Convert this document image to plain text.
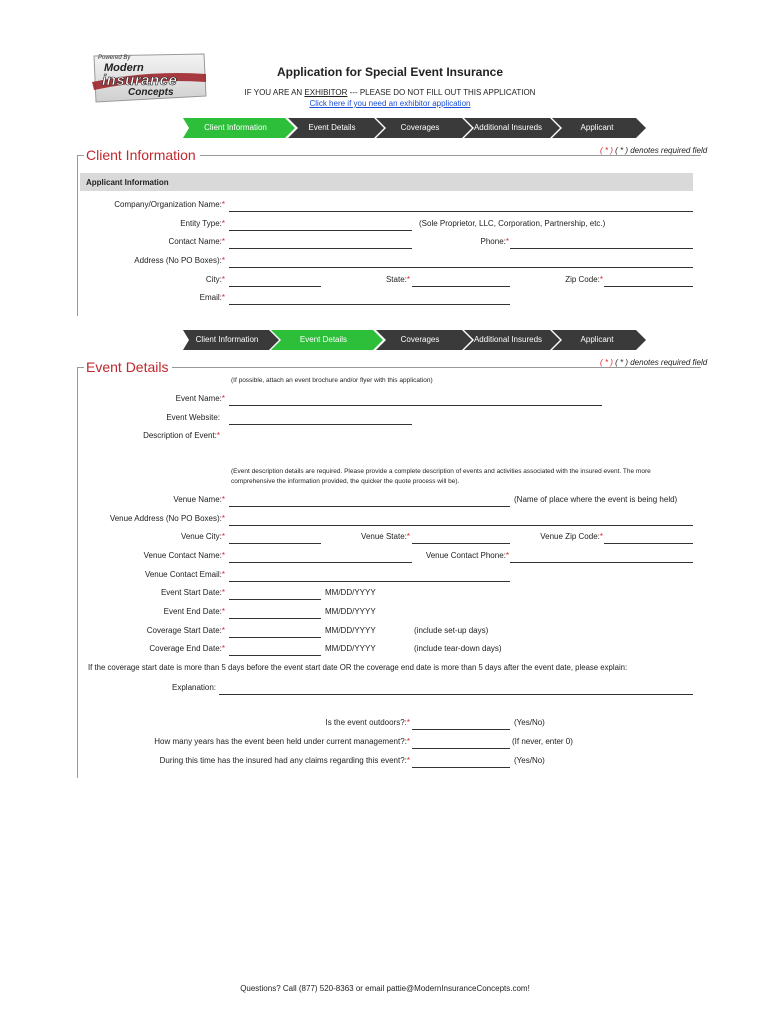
Powered By
Modern
insurance
Concepts
Application for Special Event Insurance
IF YOU ARE AN EXHIBITOR --- PLEASE DO NOT FILL OUT THIS APPLICATION
Click here if you need an exhibitor application
Client Information	Event Details	Coverages	Additional Insureds	Applicant
Client Information	( * ) ( * ) denotes required field
Applicant Information
Company/Organization Name:*
Entity Type:*	(Sole Proprietor, LLC, Corporation, Partnership, etc.)
Contact Name:*	Phone:*
Address (No PO Boxes):*
City:*	State:*	Zip Code:*
Email:*
Client Information	Event Details	Coverages	Additional Insureds	Applicant
Event Details	( * ) ( * ) denotes required field
(If possible, attach an event brochure and/or flyer with this application)
Event Name:*
Event Website:
Description of Event:*
(Event description details are required. Please provide a complete description of events and activities associated with the insured event. The more
comprehensive the information provided, the quicker the quote process will be).
Venue Name:*	(Name of place where the event is being held)
Venue Address (No PO Boxes):*
Venue City:*	Venue State:*	Venue Zip Code:*
Venue Contact Name:*	Venue Contact Phone:*
Venue Contact Email:*
Event Start Date:*	MM/DD/YYYY
Event End Date:*	MM/DD/YYYY
Coverage Start Date:*	MM/DD/YYYY	(include set-up days)
Coverage End Date:*	MM/DD/YYYY	(include tear-down days)
If the coverage start date is more than 5 days before the event start date OR the coverage end date is more than 5 days after the event date, please explain:
Explanation:
Is the event outdoors?:*	(Yes/No)
How many years has the event been held under current management?:*	(If never, enter 0)
During this time has the insured had any claims regarding this event?:*	(Yes/No)
Questions? Call (877) 520-8363 or email pattie@ModernInsuranceConcepts.com!
